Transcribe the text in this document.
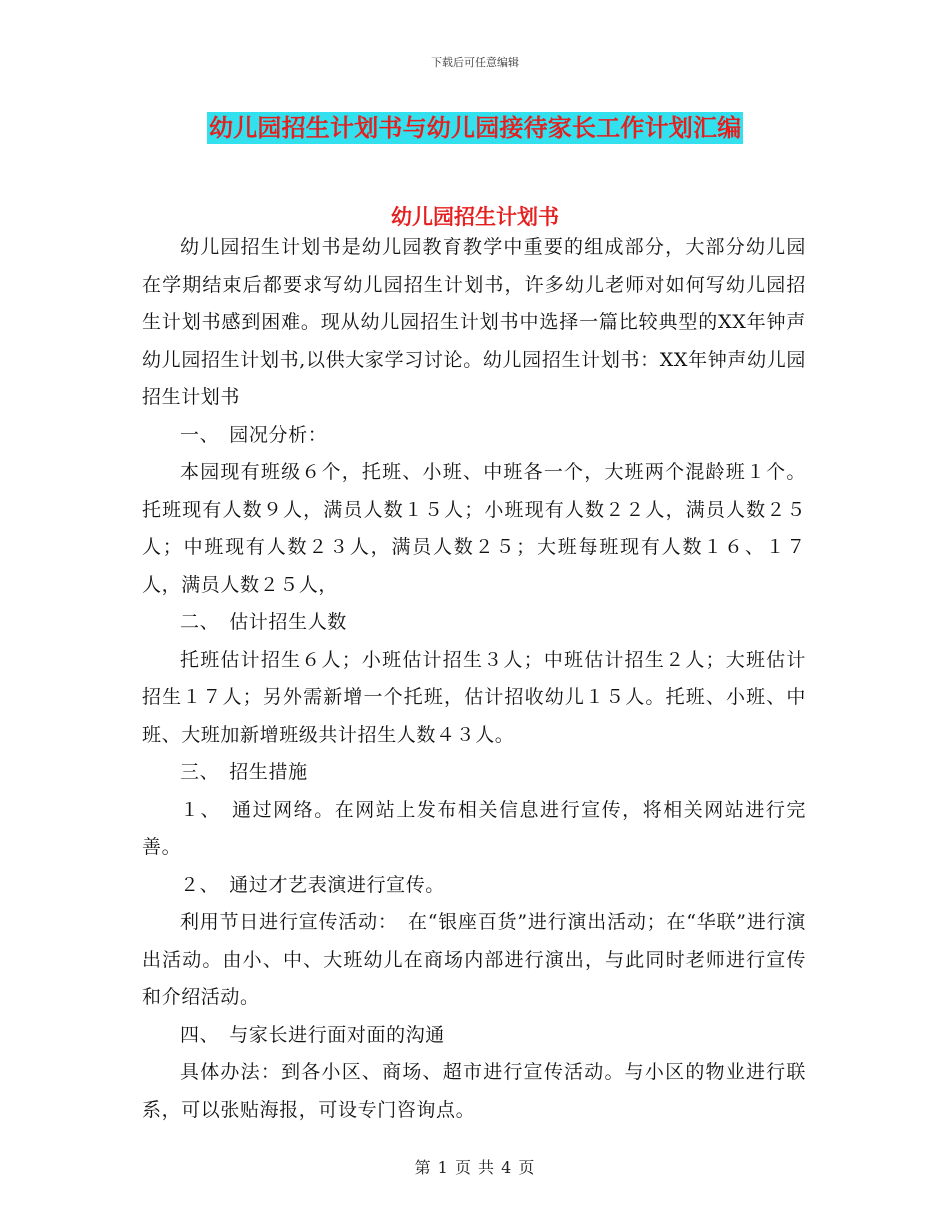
下载后可任意编辑
幼儿园招生计划书与幼儿园接待家长工作计划汇编
幼儿园招生计划书

幼儿园招生计划书是幼儿园教育教学中重要的组成部分，大部分幼儿园在学期结束后都要求写幼儿园招生计划书，许多幼儿老师对如何写幼儿园招生计划书感到困难。现从幼儿园招生计划书中选择一篇比较典型的XX年钟声幼儿园招生计划书,以供大家学习讨论。幼儿园招生计划书：XX年钟声幼儿园招生计划书

一、　园况分析：

本园现有班级６个，托班、小班、中班各一个，大班两个混龄班１个。托班现有人数９人，满员人数１５人；小班现有人数２２人，满员人数２５人；中班现有人数２３人，满员人数２５；大班每班现有人数１６、１７人，满员人数２５人，

二、　估计招生人数

托班估计招生６人；小班估计招生３人；中班估计招生２人；大班估计招生１７人；另外需新增一个托班，估计招收幼儿１５人。托班、小班、中班、大班加新增班级共计招生人数４３人。

三、　招生措施

１、　通过网络。在网站上发布相关信息进行宣传，将相关网站进行完善。

２、　通过才艺表演进行宣传。

利用节日进行宣传活动：　在“银座百货”进行演出活动；在“华联”进行演出活动。由小、中、大班幼儿在商场内部进行演出，与此同时老师进行宣传和介绍活动。

四、　与家长进行面对面的沟通

具体办法：到各小区、商场、超市进行宣传活动。与小区的物业进行联系，可以张贴海报，可设专门咨询点。

第 1 页 共 4 页
